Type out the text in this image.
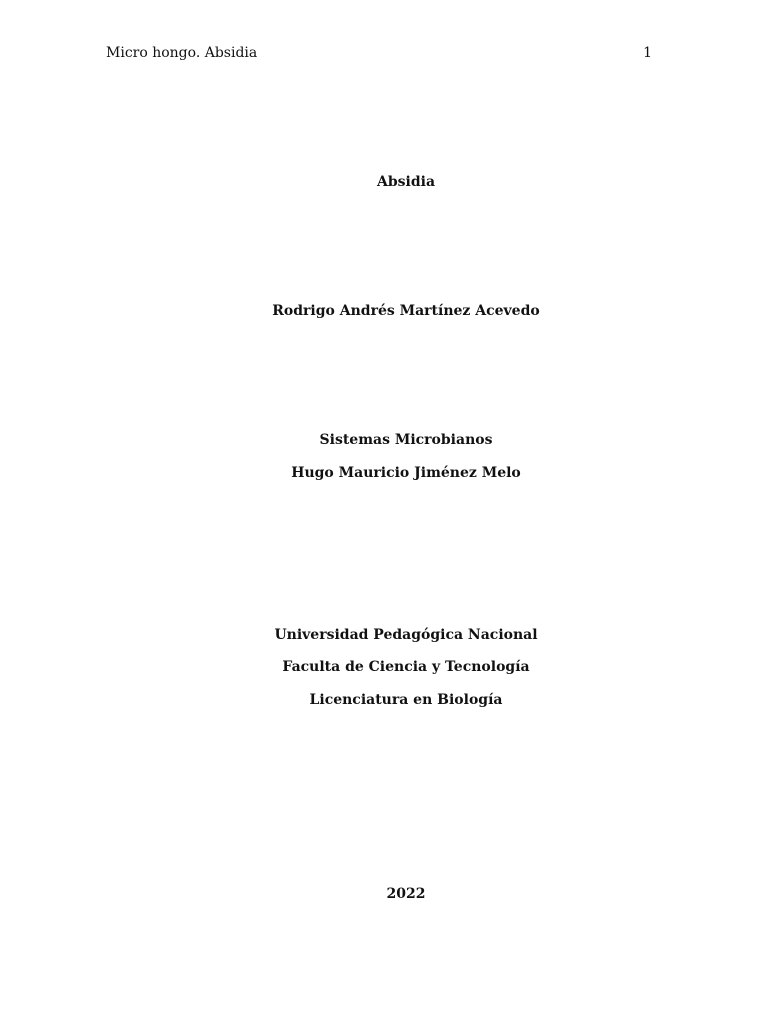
Micro hongo. Absidia	1
Absidia
Rodrigo Andrés Martínez Acevedo
Sistemas Microbianos
Hugo Mauricio Jiménez Melo
Universidad Pedagógica Nacional
Faculta de Ciencia y Tecnología
Licenciatura en Biología
2022
